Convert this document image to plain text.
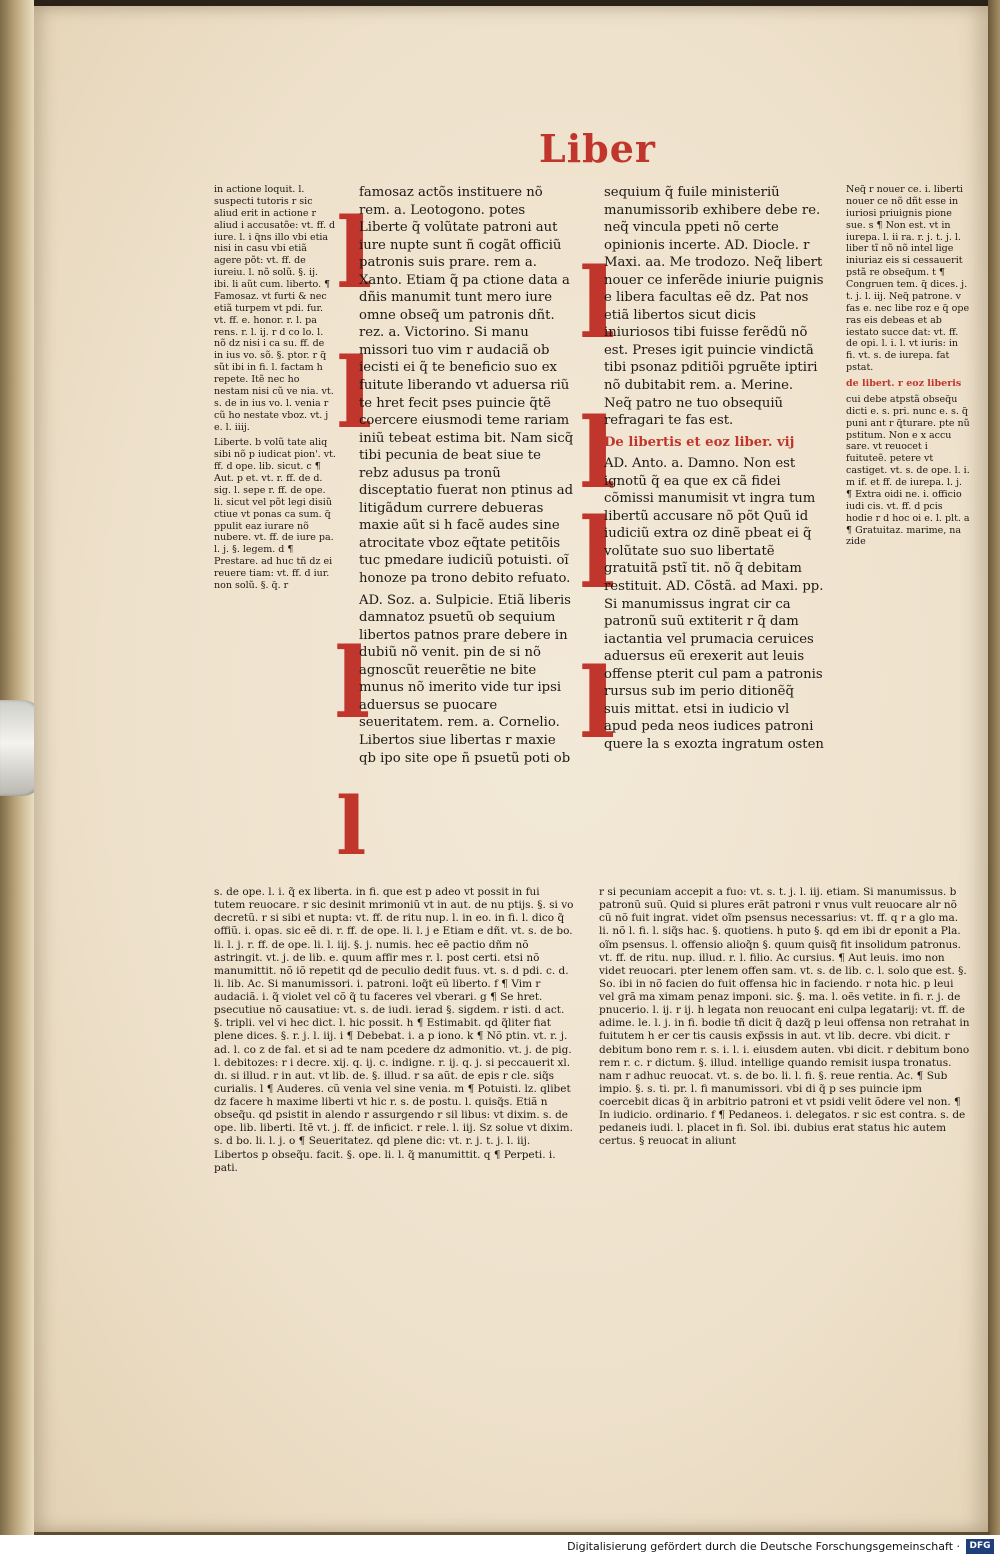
Liber

in actione loquit. l. suspecti tutoris r sic aliud erit in actione r aliud i accusatõe: vt. ff. d iure. l. i q̃ns illo vbi etia nisi in casu vbi etiã agere põt: vt. ff. de iureiu. l. nõ solũ. §. ij. ibi. li aũt cum. liberto. ¶ Famosaz. vt furti & nec etiã turpem vt pdi. fur. vt. ff. e. honor. r. l. pa rens. r. l. ij. r d co lo. l. nõ dz nisi i ca su. ff. de in ius vo. sõ. §. ptor. r q̃ sũt ibi in fi. l. factam h repete. Itẽ nec ho nestam nisi cũ ve nia. vt. s. de in ius vo. l. venia r cũ ho nestate vboz. vt. j e. l. iiij.

Liberte. b volũ tate aliq sibi nõ p iudicat pion'. vt. ff. d ope. lib. sicut. c ¶ Aut. p et. vt. r. ff. de d. sig. l. sepe r. ff. de ope. li. sicut vel põt legi disiũ ctiue vt ponas ca sum. q̃ ppulit eaz iurare nõ nubere. vt. ff. de iure pa. l. j. §. legem. d ¶ Prestare. ad huc tñ dz ei reuere tiam: vt. ff. d iur. non solũ. §. q̃. r

l
l
l
l
l
l
l
l

famosaz actõs instituere nõ rem. a. Leotogono. potes Liberte q̃ volũtate patroni aut iure nupte sunt ñ cogãt officiũ patronis suis prare. rem a. Xanto. Etiam q̃ pa ctione data a dñis manumit tunt mero iure omne obseq̃ um patronis dñt. rez. a. Victorino. Si manu missori tuo vim r audaciã ob iecisti ei q̃ te beneficio suo ex fuitute liberando vt aduersa riũ te hret fecit pses puincie q̃tẽ coercere eiusmodi teme rariam iniũ tebeat estima bit. Nam sicq̃ tibi pecunia de beat siue te rebz adusus pa tronũ disceptatio fuerat non ptinus ad litigãdum currere debueras maxie aũt si h facẽ audes sine atrocitate vboz eq̃tate petitõis tuc pmedare iudiciũ potuisti. oĩ honoze pa trono debito refuato.

AD. Soz. a. Sulpicie. Etiã liberis damnatoz psuetũ ob sequium libertos patnos prare debere in dubiũ nõ venit. pin de si nõ agnoscũt reuerẽtie ne bite munus nõ imerito vide tur ipsi aduersus se puocare seueritatem. rem. a. Cornelio. Libertos siue libertas r maxie qb ipo site ope ñ psuetũ poti ob

sequium q̃ fuile ministeriũ manumissorib exhibere debe re. neq̃ vincula ppeti nõ certe opinionis incerte. AD. Diocle. r Maxi. aa. Me trodozo. Neq̃ libert nouer ce inferẽde iniurie puignis e libera facultas eẽ dz. Pat nos etiã libertos sicut dicis iniuriosos tibi fuisse ferẽdũ nõ est. Preses igit puincie vindictã tibi psonaz pditiõi pgruẽte iptiri nõ dubitabit rem. a. Merine. Neq̃ patro ne tuo obsequiũ refragari te fas est.

De libertis et eoz liber. vij

AD. Anto. a. Damno. Non est ignotũ q̃ ea que ex cã fidei cõmissi manumisit vt ingra tum libertũ accusare nõ põt Quũ id iudiciũ extra oz dinẽ pbeat ei q̃ volũtate suo suo libertatẽ gratuitã pstĩ tit. nõ q̃ debitam restituit. AD. Cõstã. ad Maxi. pp. Si manumissus ingrat cir ca patronũ suũ extiterit r q̃ dam iactantia vel prumacia ceruices aduersus eũ erexerit aut leuis offense pterit cul pam a patronis rursus sub im perio ditionẽq̃ suis mittat. etsi in iudicio vl apud peda neos iudices patroni quere la s exozta ingratum osten

Neq̃ r nouer ce. i. liberti nouer ce nõ dñt esse in iuriosi priuignis pione sue. s ¶ Non est. vt in iurepa. l. ii ra. r. j. t. j. l. liber tĩ nõ nõ intel lige iniuriaz eis si cessauerit pstã re obseq̃um. t ¶ Congruen tem. q̃ dices. j. t. j. l. iij. Neq̃ patrone. v fas e. nec libe roz e q̃ ope ras eis debeas et ab iestato succe dat: vt. ff. de opi. l. i. l. vt iuris: in fi. vt. s. de iurepa. fat pstat.

de libert. r eoz liberis

cui debe atpstã obseq̃u dicti e. s. pri. nunc e. s. q̃ puni ant r q̃turare. pte nũ pstitum. Non e x accu sare. vt reuocet i fuituteẽ. petere vt castiget. vt. s. de ope. l. i. m if. et ff. de iurepa. l. j. ¶ Extra oidi ne. i. officio iudi cis. vt. ff. d pcis hodie r d hoc oi e. l. plt. a ¶ Gratuitaz. marime, na zide

s. de ope. l. i. q̃ ex liberta. in fi. que est p adeo vt possit in fui tutem reuocare. r sic desinit mrimoniũ vt in aut. de nu ptijs. §. si vo decretũ. r si sibi et nupta: vt. ff. de ritu nup. l. in eo. in fi. l. dico q̃ offiũ. i. opas. sic eẽ di. r. ff. de ope. li. l. j e Etiam e dñt. vt. s. de bo. li. l. j. r. ff. de ope. li. l. iij. §. j. numis. hec eẽ pactio dñm nõ astringit. vt. j. de lib. e. quum affir mes r. l. post certi. etsi nõ manumittit. nõ iõ repetit qd de peculio dedit fuus. vt. s. d pdi. c. d. li. lib. Ac. Si manumissori. i. patroni. loq̃t eũ liberto. f ¶ Vim r audaciã. i. q̃ violet vel cõ q̃ tu faceres vel vberari. g ¶ Se hret. psecutiue nõ causatiue: vt. s. de iudi. ierad §. sigdem. r isti. d act. §. tripli. vel vi hec dict. l. hic possit. h ¶ Estimabit. qd q̃liter fiat plene dices. §. r. j. l. iij. i ¶ Debebat. i. a p iono. k ¶ Nõ ptin. vt. r. j. ad. l. co z de fal. et si ad te nam pcedere dz admonitio. vt. j. de pig. l. debitozes: r i decre. xij. q. ij. c. indigne. r. ij. q. j. si peccauerit xl. dı. si illud. r in aut. vt lib. de. §. illud. r sa aũt. de epis r cle. siq̃s curialis. l ¶ Auderes. cũ venia vel sine venia. m ¶ Potuisti. lz. qlibet dz facere h maxime liberti vt hic r. s. de postu. l. quisq̃s. Etiã n obseq̃u. qd psistit in alendo r assurgendo r sil libus: vt dixim. s. de ope. lib. liberti. Itẽ vt. j. ff. de inficict. r rele. l. iij. Sz solue vt dixim. s. d bo. li. l. j. o ¶ Seueritatez. qd plene dic: vt. r. j. t. j. l. iij. Libertos p obseq̃u. facit. §. ope. li. l. q̃ manumittit. q ¶ Perpeti. i. pati.

r si pecuniam accepit a fuo: vt. s. t. j. l. iij. etiam. Si manumissus. b patronũ suũ. Quid si plures erãt patroni r vnus vult reuocare alr nõ cũ nõ fuit ingrat. videt oĩm psensus necessarius: vt. ff. q r a glo ma. li. nõ l. fi. l. siq̃s hac. §. quotiens. h puto §. qd em ibi dr eponit a Pla. oĩm psensus. l. offensio alioq̃n §. quum quisq̃ fit insolidum patronus. vt. ff. de ritu. nup. illud. r. l. filio. Ac cursius. ¶ Aut leuis. imo non videt reuocari. pter lenem offen sam. vt. s. de lib. c. l. solo que est. §. So. ibi in nõ facien do fuit offensa hic in faciendo. r nota hic. p leui vel grã ma ximam penaz imponi. sic. §. ma. l. oẽs vetite. in fi. r. j. de pnucerio. l. ij. r ij. h legata non reuocant eni culpa legatarij: vt. ff. de adime. le. l. j. in fi. bodie tñ dicit q̃ dazq̃ p leui offensa non retrahat in fuitutem h er cer tis causis exp̃ssis in aut. vt lib. decre. vbi dicit. r debitum bono rem r. s. i. l. i. eiusdem auten. vbi dicit. r debitum bono rem r. c. r dictum. §. illud. intellige quando remisit iuspa tronatus. nam r adhuc reuocat. vt. s. de bo. li. l. fi. §. reue rentia. Ac. ¶ Sub impio. §. s. ti. pr. l. fi manumissori. vbi di q̃ p ses puincie ipm coercebit dicas q̃ in arbitrio patroni et vt psidi velit õdere vel non. ¶ In iudicio. ordinario. f ¶ Pedaneos. i. delegatos. r sic est contra. s. de pedaneis iudi. l. placet in fi. Sol. ibi. dubius erat status hic autem certus. § reuocat in aliunt

Digitalisierung gefördert durch die Deutsche Forschungsgemeinschaft ·	DFG
